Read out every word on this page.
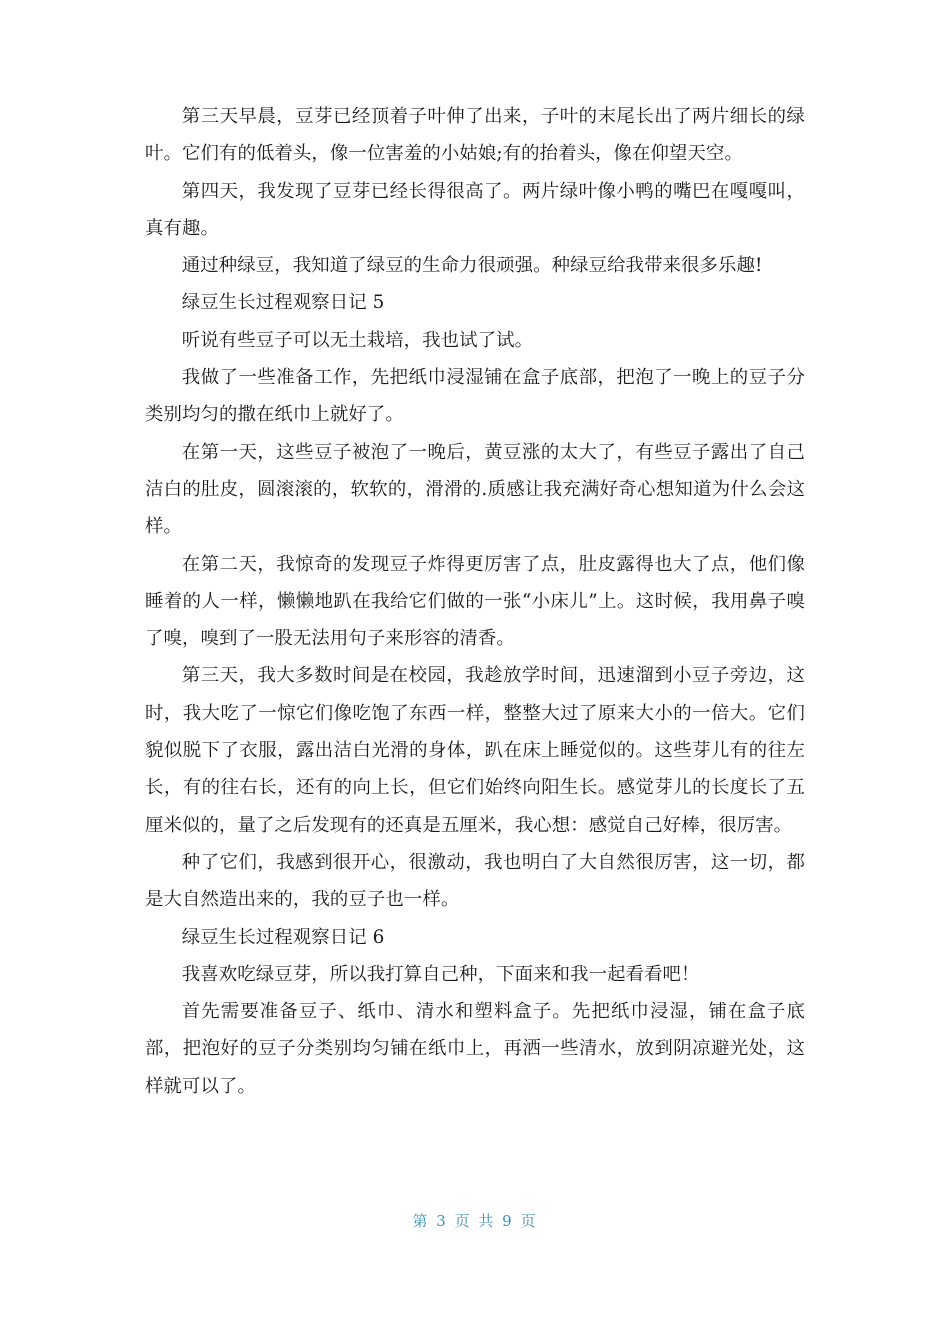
第三天早晨，豆芽已经顶着子叶伸了出来，子叶的末尾长出了两片细长的绿叶。它们有的低着头，像一位害羞的小姑娘;有的抬着头，像在仰望天空。

第四天，我发现了豆芽已经长得很高了。两片绿叶像小鸭的嘴巴在嘎嘎叫，真有趣。

通过种绿豆，我知道了绿豆的生命力很顽强。种绿豆给我带来很多乐趣!

绿豆生长过程观察日记 5

听说有些豆子可以无土栽培，我也试了试。

我做了一些准备工作，先把纸巾浸湿铺在盒子底部，把泡了一晚上的豆子分类别均匀的撒在纸巾上就好了。

在第一天，这些豆子被泡了一晚后，黄豆涨的太大了，有些豆子露出了自己洁白的肚皮，圆滚滚的，软软的，滑滑的.质感让我充满好奇心想知道为什么会这样。

在第二天，我惊奇的发现豆子炸得更厉害了点，肚皮露得也大了点，他们像睡着的人一样，懒懒地趴在我给它们做的一张“小床儿”上。这时候，我用鼻子嗅了嗅，嗅到了一股无法用句子来形容的清香。

第三天，我大多数时间是在校园，我趁放学时间，迅速溜到小豆子旁边，这时，我大吃了一惊它们像吃饱了东西一样，整整大过了原来大小的一倍大。它们貌似脱下了衣服，露出洁白光滑的身体，趴在床上睡觉似的。这些芽儿有的往左长，有的往右长，还有的向上长，但它们始终向阳生长。感觉芽儿的长度长了五厘米似的，量了之后发现有的还真是五厘米，我心想：感觉自己好棒，很厉害。

种了它们，我感到很开心，很激动，我也明白了大自然很厉害，这一切，都是大自然造出来的，我的豆子也一样。

绿豆生长过程观察日记 6

我喜欢吃绿豆芽，所以我打算自己种，下面来和我一起看看吧！

首先需要准备豆子、纸巾、清水和塑料盒子。先把纸巾浸湿，铺在盒子底部，把泡好的豆子分类别均匀铺在纸巾上，再洒一些清水，放到阴凉避光处，这样就可以了。

第 3 页 共 9 页
